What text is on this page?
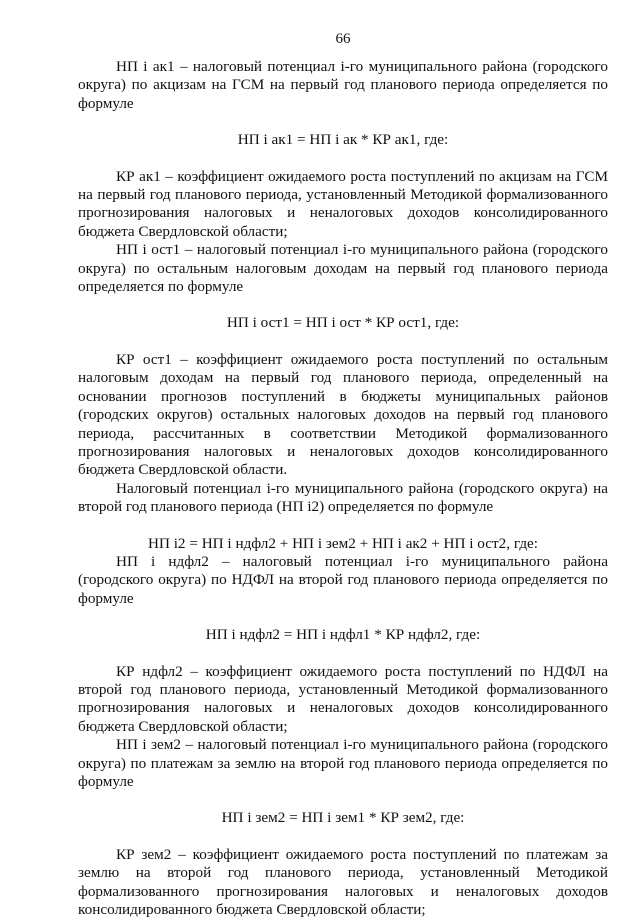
66

НП і ак1 – налоговый потенциал і-го муниципального района (городского округа) по акцизам на ГСМ на первый год планового периода определяется по формуле

НП і ак1 = НП і ак * КР ак1, где:

КР ак1 – коэффициент ожидаемого роста поступлений по акцизам на ГСМ на первый год планового периода, установленный Методикой формализованного прогнозирования налоговых и неналоговых доходов консолидированного бюджета Свердловской области;

НП і ост1 – налоговый потенциал і-го муниципального района (городского округа) по остальным налоговым доходам на первый год планового периода определяется по формуле

НП і ост1 = НП і ост * КР ост1, где:

КР ост1 – коэффициент ожидаемого роста поступлений по остальным налоговым доходам на первый год планового периода, определенный на основании прогнозов поступлений в бюджеты муниципальных районов (городских округов) остальных налоговых доходов на первый год планового периода, рассчитанных в соответствии Методикой формализованного прогнозирования налоговых и неналоговых доходов консолидированного бюджета Свердловской области.

Налоговый потенциал і-го муниципального района (городского округа) на второй год планового периода (НП і2) определяется по формуле

НП і2 = НП і ндфл2 + НП і зем2 + НП і ак2 + НП і ост2, где:

НП і ндфл2 – налоговый потенциал і-го муниципального района (городского округа) по НДФЛ на второй год планового периода определяется по формуле

НП і ндфл2 = НП і ндфл1 * КР ндфл2, где:

КР ндфл2 – коэффициент ожидаемого роста поступлений по НДФЛ на второй год планового периода, установленный Методикой формализованного прогнозирования налоговых и неналоговых доходов консолидированного бюджета Свердловской области;

НП і зем2 – налоговый потенциал і-го муниципального района (городского округа) по платежам за землю на второй год планового периода определяется по формуле

НП і зем2 = НП і зем1 * КР зем2, где:

КР зем2 – коэффициент ожидаемого роста поступлений по платежам за землю на второй год планового периода, установленный Методикой формализованного прогнозирования налоговых и неналоговых доходов консолидированного бюджета Свердловской области;
